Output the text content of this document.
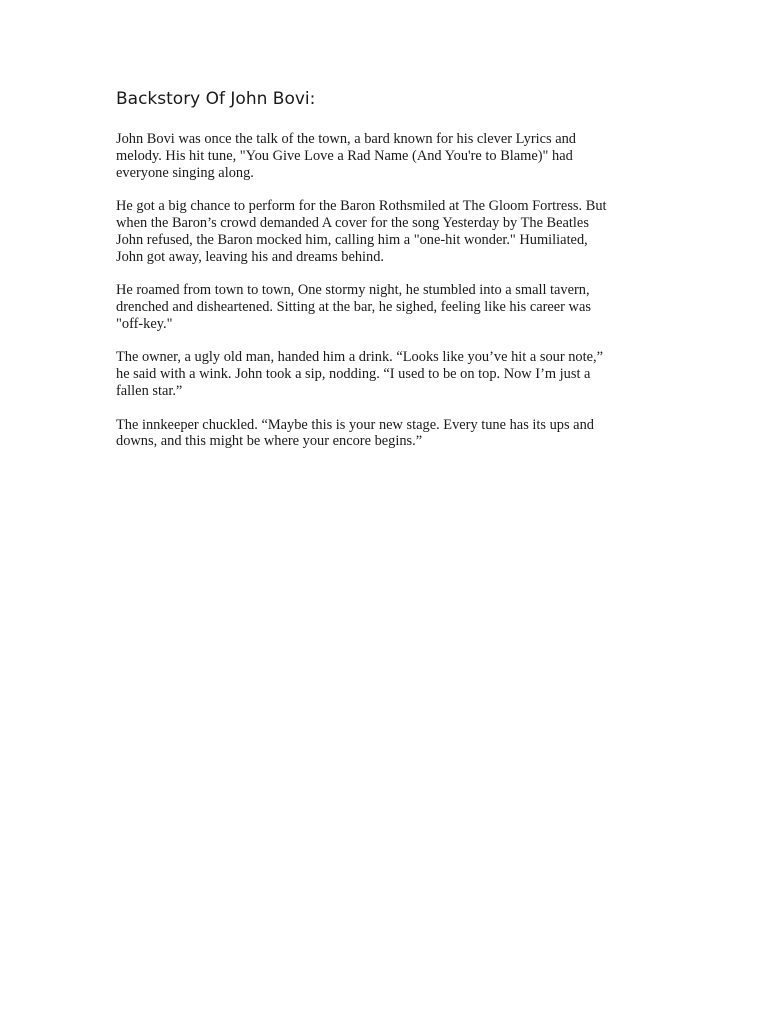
Backstory Of John Bovi:

John Bovi was once the talk of the town, a bard known for his clever Lyrics and
melody. His hit tune, "You Give Love a Rad Name (And You're to Blame)" had
everyone singing along.

He got a big chance to perform for the Baron Rothsmiled at The Gloom Fortress. But
when the Baron’s crowd demanded A cover for the song Yesterday by The Beatles
John refused, the Baron mocked him, calling him a "one-hit wonder." Humiliated,
John got away, leaving his and dreams behind.

He roamed from town to town, One stormy night, he stumbled into a small tavern,
drenched and disheartened. Sitting at the bar, he sighed, feeling like his career was
"off-key."

The owner, a ugly old man, handed him a drink. “Looks like you’ve hit a sour note,”
he said with a wink. John took a sip, nodding. “I used to be on top. Now I’m just a
fallen star.”

The innkeeper chuckled. “Maybe this is your new stage. Every tune has its ups and
downs, and this might be where your encore begins.”
